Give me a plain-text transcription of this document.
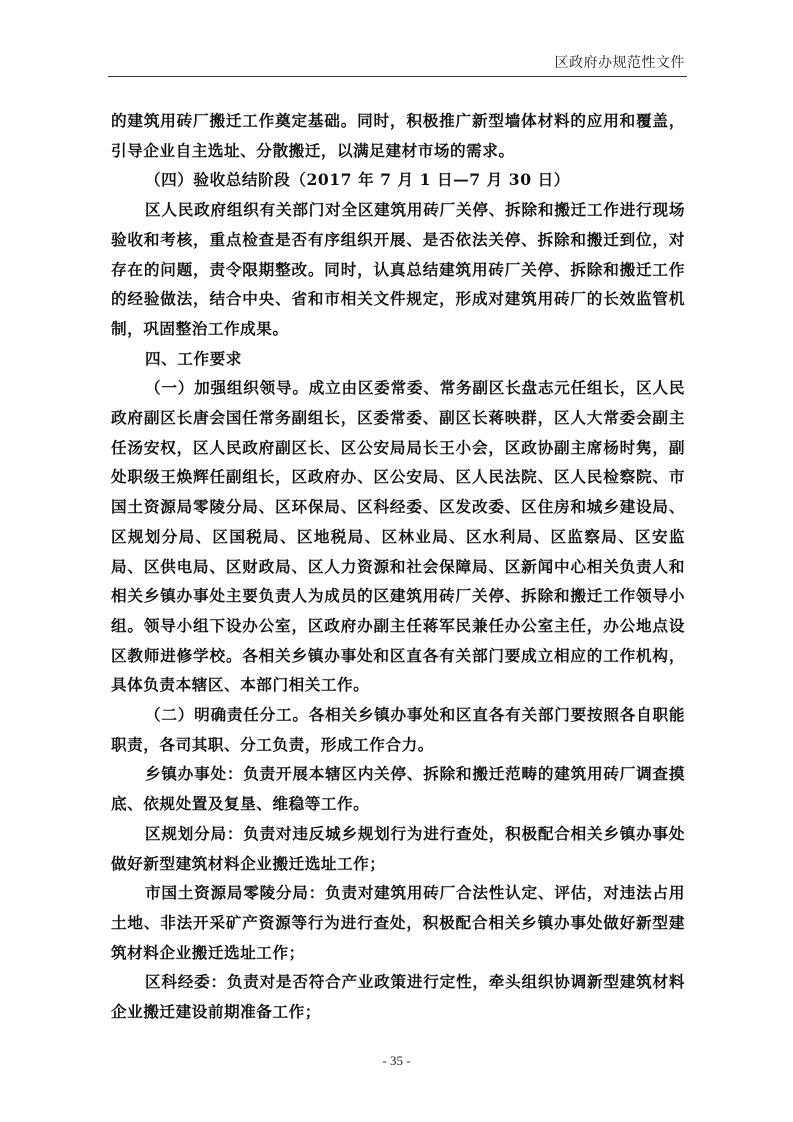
区政府办规范性文件

的建筑用砖厂搬迁工作奠定基础。同时，积极推广新型墙体材料的应用和覆盖，引导企业自主选址、分散搬迁，以满足建材市场的需求。

（四）验收总结阶段（2017 年 7 月 1 日—7 月 30 日）

区人民政府组织有关部门对全区建筑用砖厂关停、拆除和搬迁工作进行现场验收和考核，重点检查是否有序组织开展、是否依法关停、拆除和搬迁到位，对存在的问题，责令限期整改。同时，认真总结建筑用砖厂关停、拆除和搬迁工作的经验做法，结合中央、省和市相关文件规定，形成对建筑用砖厂的长效监管机制，巩固整治工作成果。

四、工作要求

（一）加强组织领导。成立由区委常委、常务副区长盘志元任组长，区人民政府副区长唐会国任常务副组长，区委常委、副区长蒋映群，区人大常委会副主任汤安权，区人民政府副区长、区公安局局长王小会，区政协副主席杨时隽，副处职级王焕辉任副组长，区政府办、区公安局、区人民法院、区人民检察院、市国土资源局零陵分局、区环保局、区科经委、区发改委、区住房和城乡建设局、区规划分局、区国税局、区地税局、区林业局、区水利局、区监察局、区安监局、区供电局、区财政局、区人力资源和社会保障局、区新闻中心相关负责人和相关乡镇办事处主要负责人为成员的区建筑用砖厂关停、拆除和搬迁工作领导小组。领导小组下设办公室，区政府办副主任蒋军民兼任办公室主任，办公地点设区教师进修学校。各相关乡镇办事处和区直各有关部门要成立相应的工作机构，具体负责本辖区、本部门相关工作。

（二）明确责任分工。各相关乡镇办事处和区直各有关部门要按照各自职能职责，各司其职、分工负责，形成工作合力。

乡镇办事处：负责开展本辖区内关停、拆除和搬迁范畴的建筑用砖厂调查摸底、依规处置及复垦、维稳等工作。

区规划分局：负责对违反城乡规划行为进行查处，积极配合相关乡镇办事处做好新型建筑材料企业搬迁选址工作；

市国土资源局零陵分局：负责对建筑用砖厂合法性认定、评估，对违法占用土地、非法开采矿产资源等行为进行查处，积极配合相关乡镇办事处做好新型建筑材料企业搬迁选址工作；

区科经委：负责对是否符合产业政策进行定性，牵头组织协调新型建筑材料企业搬迁建设前期准备工作；

- 35 -
